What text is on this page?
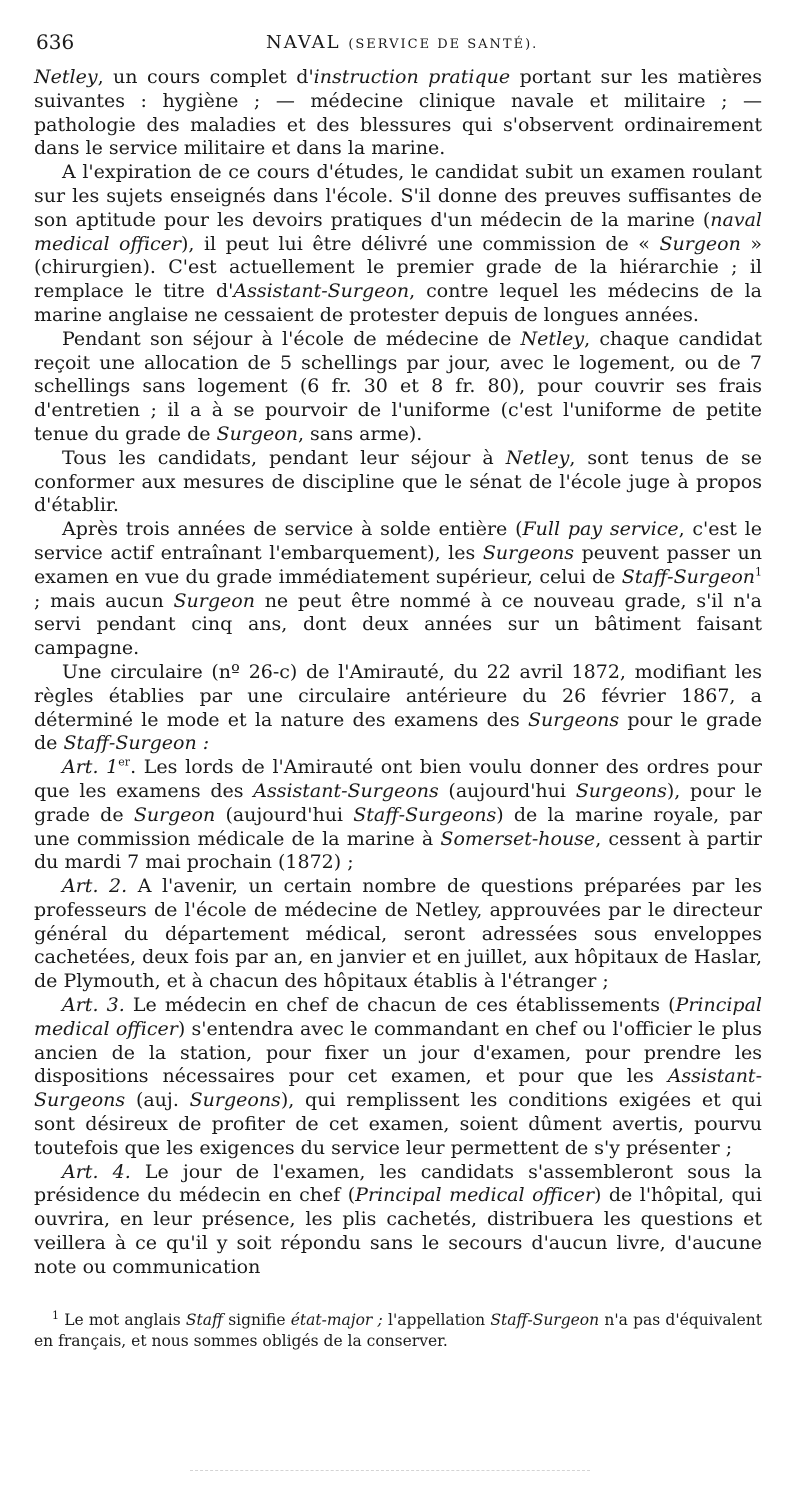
636	NAVAL (SERVICE DE SANTÉ).

Netley, un cours complet d'instruction pratique portant sur les matières suivantes : hygiène ; — médecine clinique navale et militaire ; — pathologie des maladies et des blessures qui s'observent ordinairement dans le service militaire et dans la marine.

A l'expiration de ce cours d'études, le candidat subit un examen roulant sur les sujets enseignés dans l'école. S'il donne des preuves suffisantes de son aptitude pour les devoirs pratiques d'un médecin de la marine (naval medical officer), il peut lui être délivré une commission de « Surgeon » (chirurgien). C'est actuellement le premier grade de la hiérarchie ; il remplace le titre d'Assistant-Surgeon, contre lequel les médecins de la marine anglaise ne cessaient de protester depuis de longues années.

Pendant son séjour à l'école de médecine de Netley, chaque candidat reçoit une allocation de 5 schellings par jour, avec le logement, ou de 7 schellings sans logement (6 fr. 30 et 8 fr. 80), pour couvrir ses frais d'entretien ; il a à se pourvoir de l'uniforme (c'est l'uniforme de petite tenue du grade de Surgeon, sans arme).

Tous les candidats, pendant leur séjour à Netley, sont tenus de se conformer aux mesures de discipline que le sénat de l'école juge à propos d'établir.

Après trois années de service à solde entière (Full pay service, c'est le service actif entraînant l'embarquement), les Surgeons peuvent passer un examen en vue du grade immédiatement supérieur, celui de Staff-Surgeon$^1$ ; mais aucun Surgeon ne peut être nommé à ce nouveau grade, s'il n'a servi pendant cinq ans, dont deux années sur un bâtiment faisant campagne.

Une circulaire (nº 26-c) de l'Amirauté, du 22 avril 1872, modifiant les règles établies par une circulaire antérieure du 26 février 1867, a déterminé le mode et la nature des examens des Surgeons pour le grade de Staff-Surgeon :

Art. 1er. Les lords de l'Amirauté ont bien voulu donner des ordres pour que les examens des Assistant-Surgeons (aujourd'hui Surgeons), pour le grade de Surgeon (aujourd'hui Staff-Surgeons) de la marine royale, par une commission médicale de la marine à Somerset-house, cessent à partir du mardi 7 mai prochain (1872) ;

Art. 2. A l'avenir, un certain nombre de questions préparées par les professeurs de l'école de médecine de Netley, approuvées par le directeur général du département médical, seront adressées sous enveloppes cachetées, deux fois par an, en janvier et en juillet, aux hôpitaux de Haslar, de Plymouth, et à chacun des hôpitaux établis à l'étranger ;

Art. 3. Le médecin en chef de chacun de ces établissements (Principal medical officer) s'entendra avec le commandant en chef ou l'officier le plus ancien de la station, pour fixer un jour d'examen, pour prendre les dispositions nécessaires pour cet examen, et pour que les Assistant-Surgeons (auj. Surgeons), qui remplissent les conditions exigées et qui sont désireux de profiter de cet examen, soient dûment avertis, pourvu toutefois que les exigences du service leur permettent de s'y présenter ;

Art. 4. Le jour de l'examen, les candidats s'assembleront sous la présidence du médecin en chef (Principal medical officer) de l'hôpital, qui ouvrira, en leur présence, les plis cachetés, distribuera les questions et veillera à ce qu'il y soit répondu sans le secours d'aucun livre, d'aucune note ou communication

$^1$ Le mot anglais Staff signifie état-major ; l'appellation Staff-Surgeon n'a pas d'équivalent en français, et nous sommes obligés de la conserver.
